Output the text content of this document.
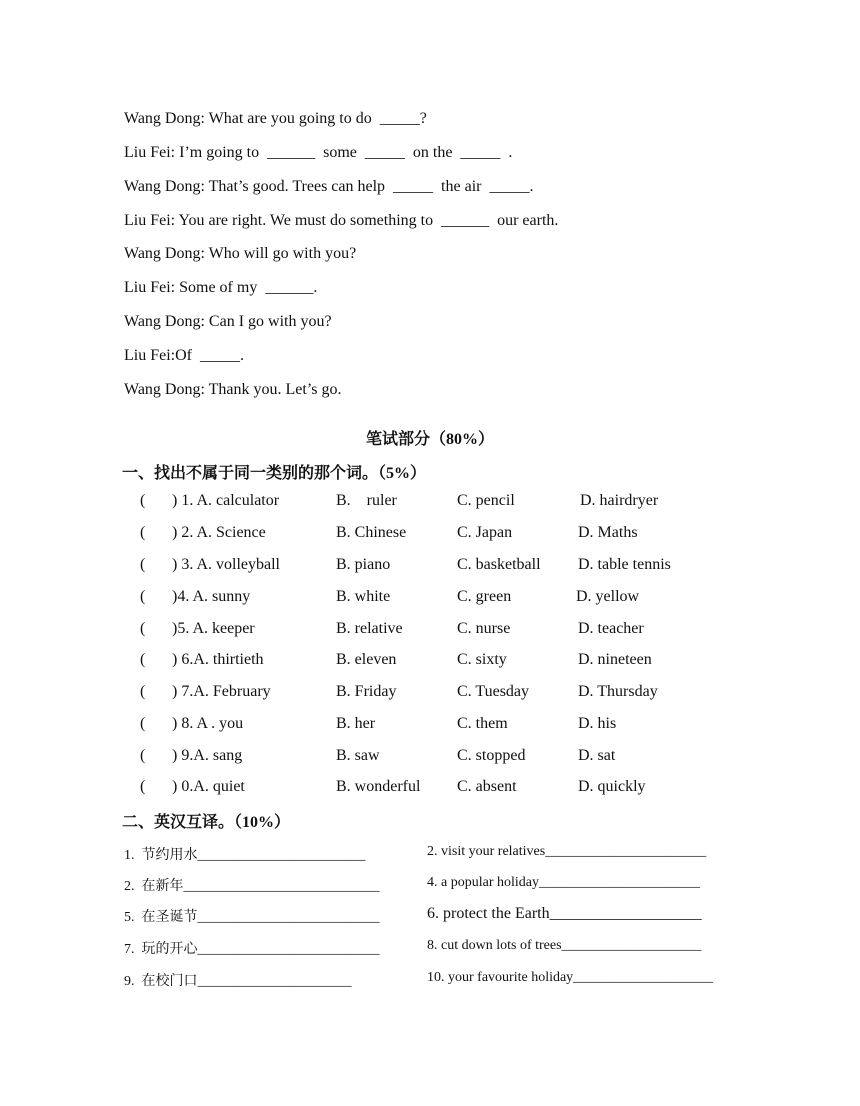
Wang Dong: What are you going to do  _____?
Liu Fei: I’m going to  ______  some  _____  on the  _____  .
Wang Dong: That’s good. Trees can help  _____  the air  _____.
Liu Fei: You are right. We must do something to  ______  our earth.
Wang Dong: Who will go with you?
Liu Fei: Some of my  ______.
Wang Dong: Can I go with you?
Liu Fei:Of  _____.
Wang Dong: Thank you. Let’s go.
笔试部分（80%）
一、找出不属于同一类别的那个词。（5%）
( ) 1. A. calculator	B.    ruler	C. pencil	D. hairdryer
( ) 2. A. Science	B. Chinese	C. Japan	D. Maths
( ) 3. A. volleyball	B. piano	C. basketball D. table tennis
( )4. A. sunny	B. white	C. green	D. yellow
( )5. A. keeper	B. relative	C. nurse	D. teacher
( ) 6.A. thirtieth	B. eleven	C. sixty	D. nineteen
( ) 7.A. February	B. Friday	C. Tuesday	D. Thursday
( ) 8. A . you	B. her	C. them	D. his
( ) 9.A. sang	B. saw	C. stopped	D. sat
( ) 0.A. quiet	B. wonderful C. absent	D. quickly
二、英汉互译。（10%）
1.  节约用水________________________	2. visit your relatives_______________________
2.  在新年____________________________	4. a popular holiday_______________________
5.  在圣诞节__________________________	6. protect the Earth___________________
7.  玩的开心__________________________	8. cut down lots of trees____________________
9.  在校门口______________________	10. your favourite holiday____________________
